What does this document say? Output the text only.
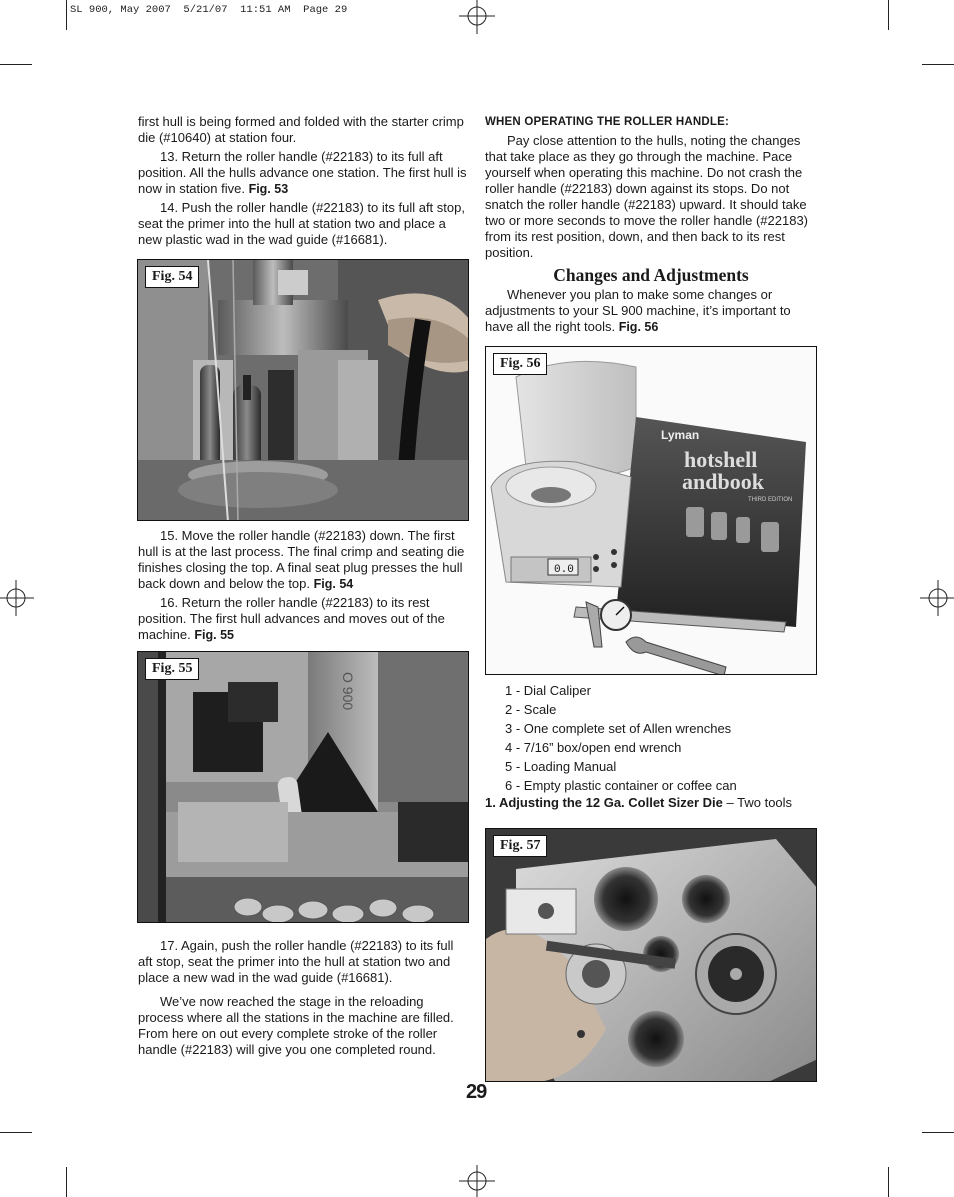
SL 900, May 2007  5/21/07  11:51 AM  Page 29

first hull is being formed and folded with the starter crimp die (#10640) at station four.

13. Return the roller handle (#22183) to its full aft position. All the hulls advance one station. The first hull is now in station five. Fig. 53

14. Push the roller handle (#22183) to its full aft stop, seat the primer into the hull at station two and place a new plastic wad in the wad guide (#16681).

Fig. 54

15. Move the roller handle (#22183) down. The first hull is at the last process. The final crimp and seating die finishes closing the top. A final seat plug presses the hull back down and below the top. Fig. 54

16. Return the roller handle (#22183) to its rest position. The first hull advances and moves out of the machine. Fig. 55

O 900
Fig. 55

17. Again, push the roller handle (#22183) to its full aft stop, seat the primer into the hull at station two and place a new wad in the wad guide (#16681).

We’ve now reached the stage in the reloading process where all the stations in the machine are filled. From here on out every complete stroke of the roller handle (#22183) will give you one completed round.

WHEN OPERATING THE ROLLER HANDLE:

Pay close attention to the hulls, noting the changes that take place as they go through the machine. Pace yourself when operating this machine. Do not crash the roller handle (#22183) down against its stops. Do not snatch the roller handle (#22183) upward. It should take two or more seconds to move the roller handle (#22183) from its rest position, down, and then back to its rest position.

Changes and Adjustments

Whenever you plan to make some changes or adjustments to your SL 900 machine, it’s important to have all the right tools. Fig. 56

Lyman
hotshell
andbook
THIRD EDITION
0.0
Fig. 56
1 - Dial Caliper
2 - Scale
3 - One complete set of Allen wrenches
4 - 7/16” box/open end wrench
5 - Loading Manual
6 - Empty plastic container or coffee can
1. Adjusting the 12 Ga. Collet Sizer Die – Two tools
Fig. 57
29
